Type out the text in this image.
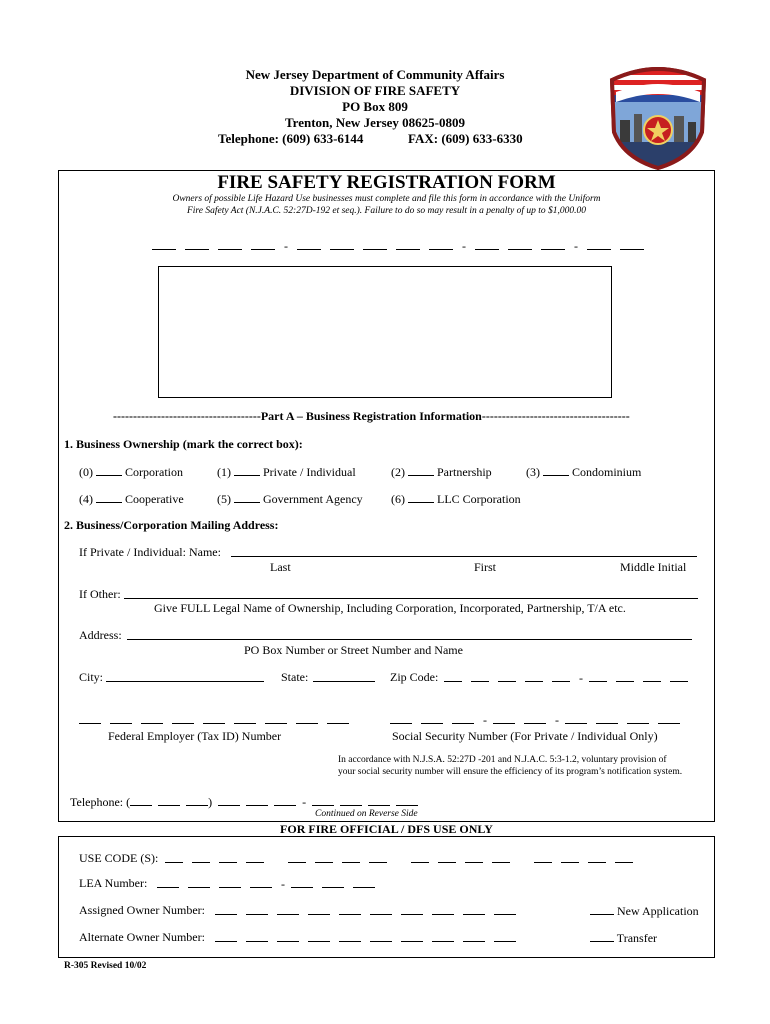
New Jersey Department of Community Affairs
DIVISION OF FIRE SAFETY
PO Box 809
Trenton, New Jersey 08625-0809
Telephone: (609) 633-6144	FAX: (609) 633-6330
FIRE SAFETY REGISTRATION FORM
Owners of possible Life Hazard Use businesses must complete and file this form in accordance with the Uniform
Fire Safety Act (N.J.A.C. 52:27D-192 et seq.). Failure to do so may result in a penalty of up to $1,000.00
-	-	-
-------------------------------------Part A – Business Registration Information-------------------------------------
1. Business Ownership (mark the correct box):
(0)	Corporation	(1)	Private / Individual	(2)	Partnership	(3)	Condominium
(4)	Cooperative	(5)	Government Agency (6)	LLC Corporation
2. Business/Corporation Mailing Address:
If Private / Individual: Name:
Last	First	Middle Initial
If Other:
Give FULL Legal Name of Ownership, Including Corporation, Incorporated, Partnership, T/A etc.
Address:
PO Box Number or Street Number and Name
City:	State:	Zip Code:	-
Federal Employer (Tax ID) Number
-	-
Social Security Number (For Private / Individual Only)
In accordance with N.J.S.A. 52:27D -201 and N.J.A.C. 5:3-1.2, voluntary provision of
your social security number will ensure the efficiency of its program’s notification system.
Telephone: (	)	-
Continued on Reverse Side
FOR FIRE OFFICIAL / DFS USE ONLY
USE CODE (S):

LEA Number:	-
Assigned Owner Number:	New Application
Alternate Owner Number:	Transfer
R-305 Revised 10/02
